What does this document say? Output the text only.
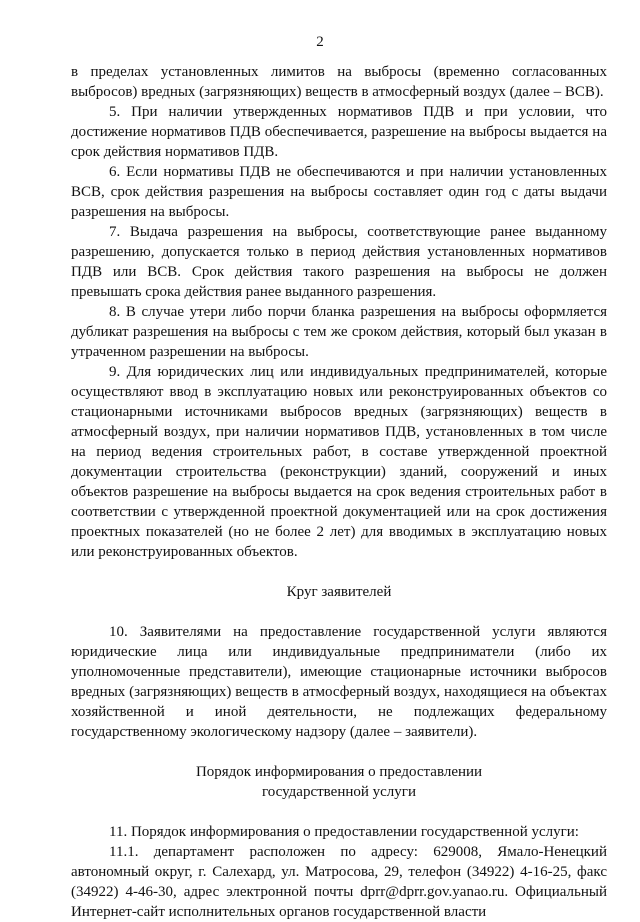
2

в пределах установленных лимитов на выбросы (временно согласованных выбросов) вредных (загрязняющих) веществ в атмосферный воздух (далее – ВСВ).

5. При наличии утвержденных нормативов ПДВ и при условии, что достижение нормативов ПДВ обеспечивается, разрешение на выбросы выдается на срок действия нормативов ПДВ.

6. Если нормативы ПДВ не обеспечиваются и при наличии установленных ВСВ, срок действия разрешения на выбросы составляет один год с даты выдачи разрешения на выбросы.

7. Выдача разрешения на выбросы, соответствующие ранее выданному разрешению, допускается только в период действия установленных нормативов ПДВ или ВСВ. Срок действия такого разрешения на выбросы не должен превышать срока действия ранее выданного разрешения.

8. В случае утери либо порчи бланка разрешения на выбросы оформляется дубликат разрешения на выбросы с тем же сроком действия, который был указан в утраченном разрешении на выбросы.

9. Для юридических лиц или индивидуальных предпринимателей, которые осуществляют ввод в эксплуатацию новых или реконструированных объектов со стационарными источниками выбросов вредных (загрязняющих) веществ в атмосферный воздух, при наличии нормативов ПДВ, установленных в том числе на период ведения строительных работ, в составе утвержденной проектной документации строительства (реконструкции) зданий, сооружений и иных объектов разрешение на выбросы выдается на срок ведения строительных работ в соответствии с утвержденной проектной документацией или на срок достижения проектных показателей (но не более 2 лет) для вводимых в эксплуатацию новых или реконструированных объектов.

Круг заявителей

10. Заявителями на предоставление государственной услуги являются юридические лица или индивидуальные предприниматели (либо их уполномоченные представители), имеющие стационарные источники выбросов вредных (загрязняющих) веществ в атмосферный воздух, находящиеся на объектах хозяйственной и иной деятельности, не подлежащих федеральному государственному экологическому надзору (далее – заявители).

Порядок информирования о предоставлении

государственной услуги

11. Порядок информирования о предоставлении государственной услуги:

11.1. департамент расположен по адресу: 629008, Ямало-Ненецкий автономный округ, г. Салехард, ул. Матросова, 29, телефон (34922) 4-16-25, факс (34922) 4-46-30, адрес электронной почты dprr@dprr.gov.yanao.ru. Официальный Интернет-сайт исполнительных органов государственной власти
